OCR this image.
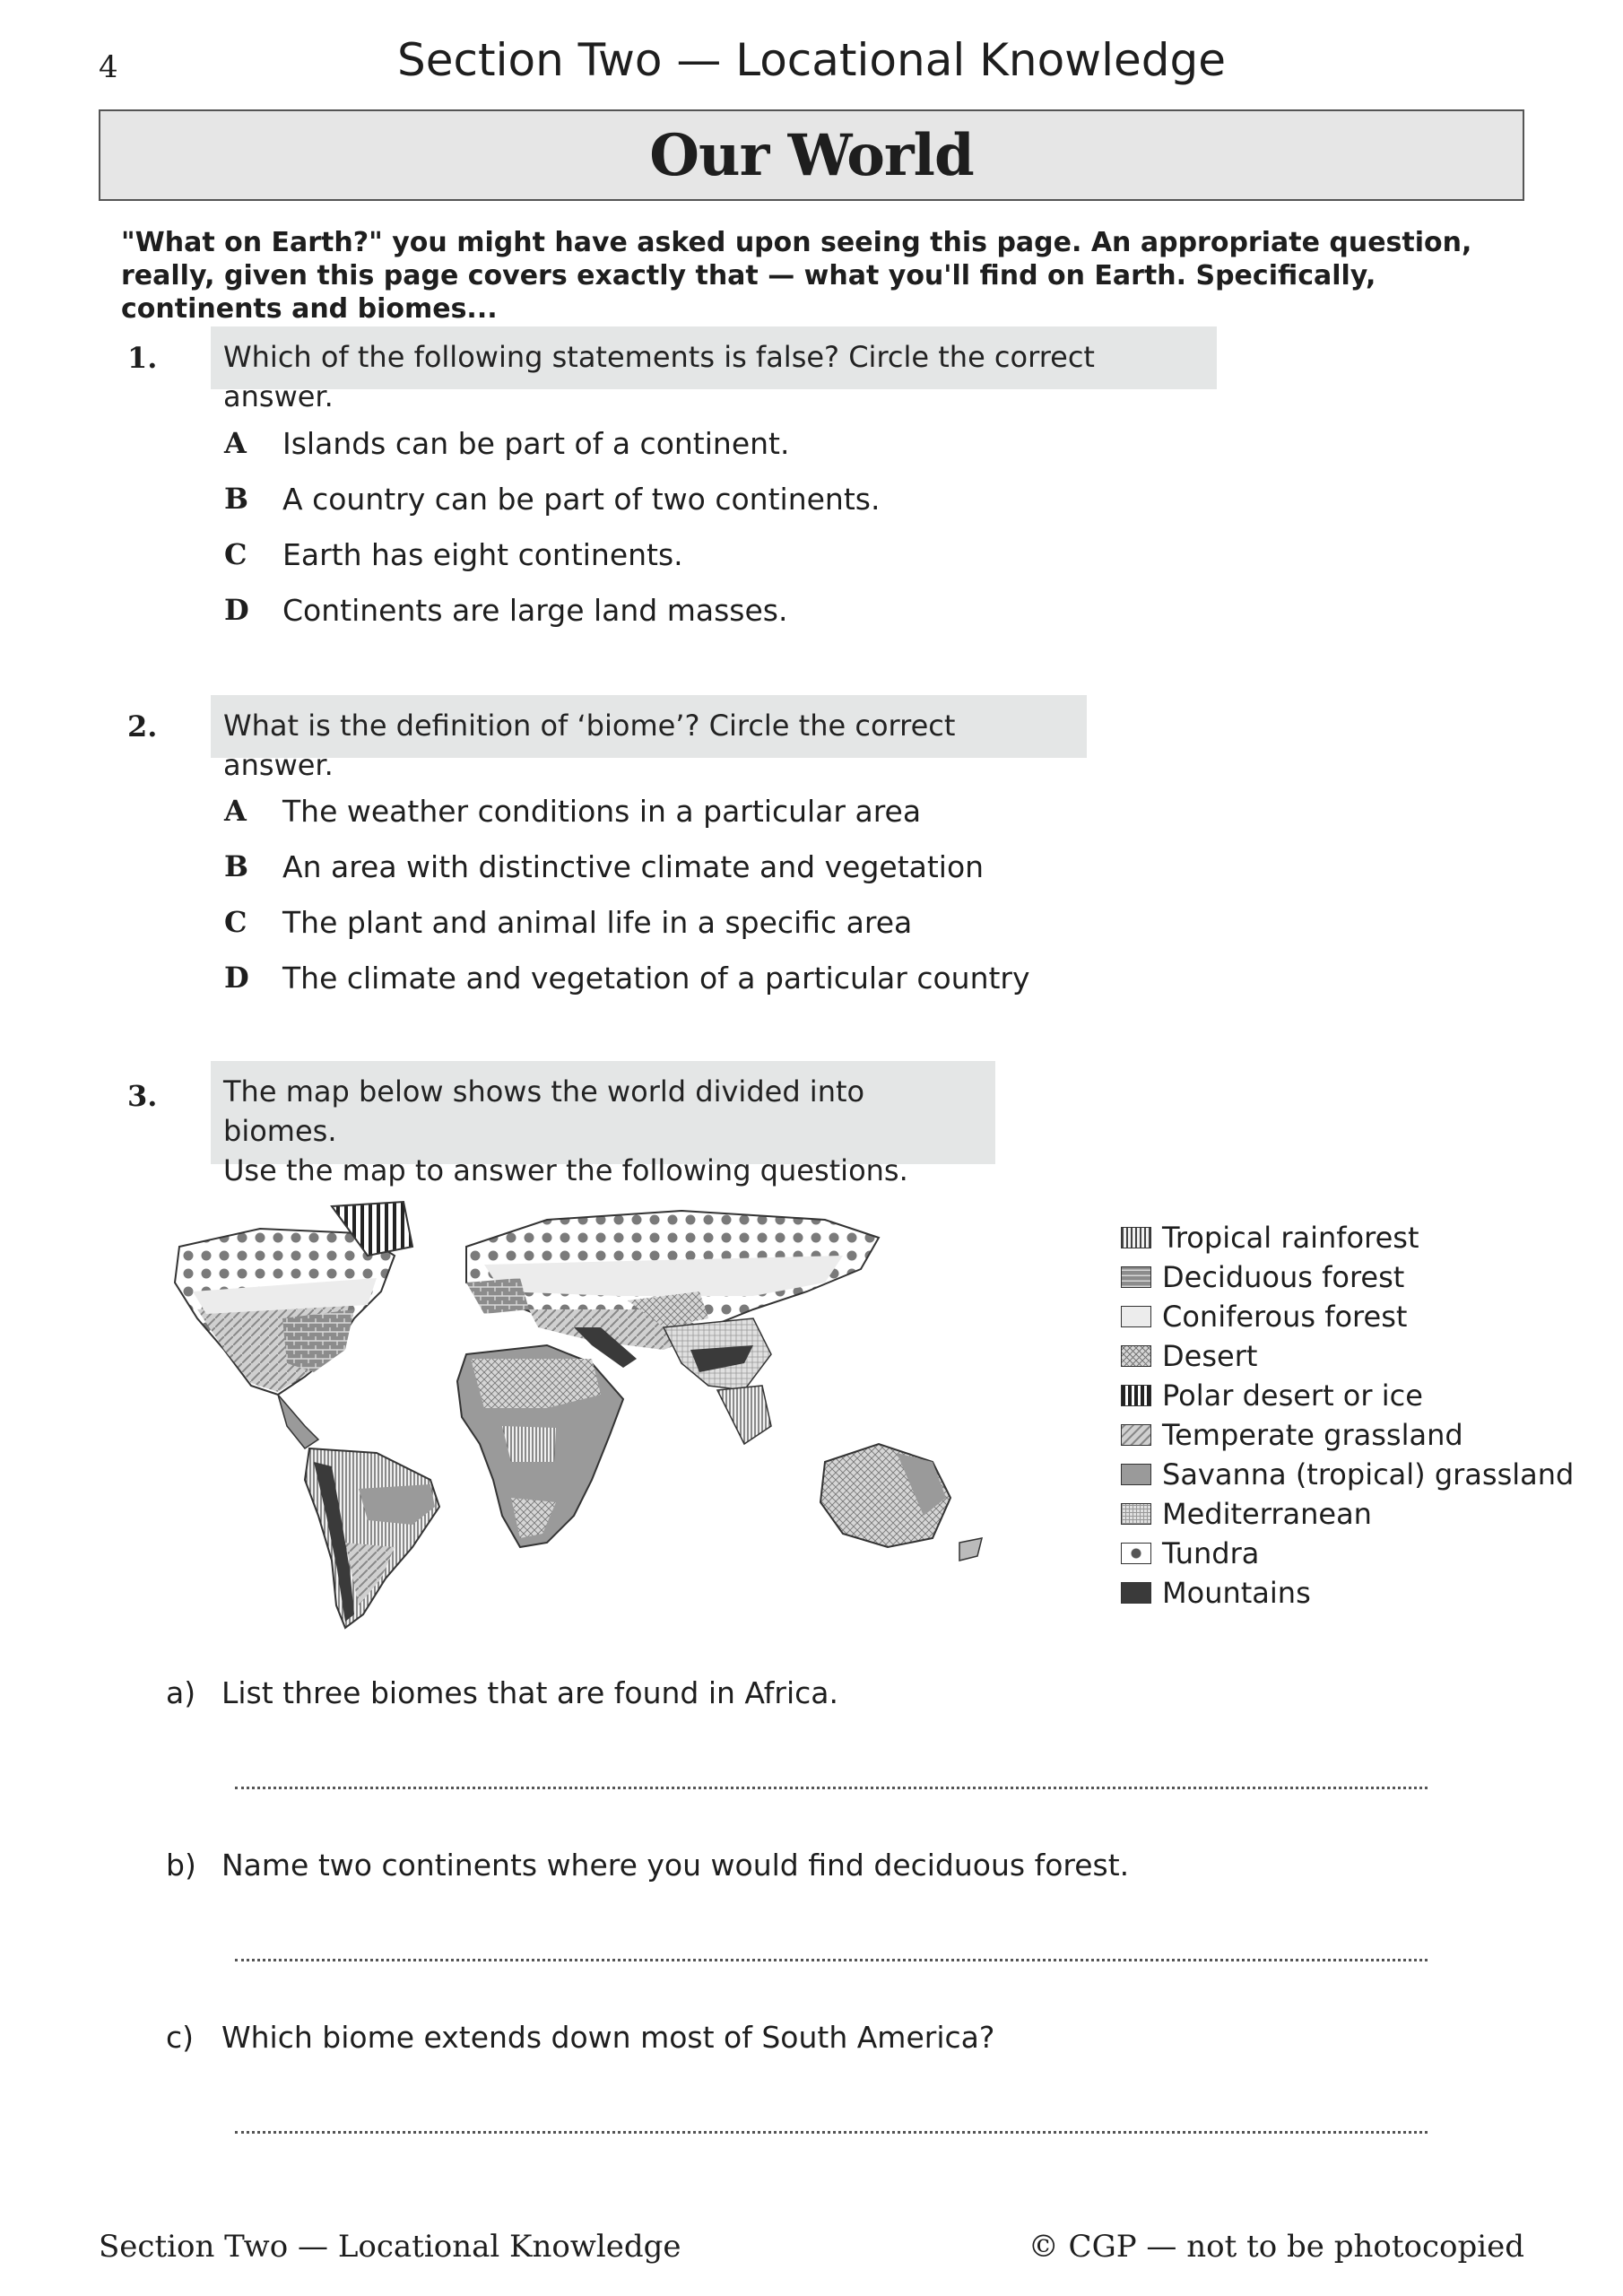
4	Section Two — Locational Knowledge
Our World
"What on Earth?" you might have asked upon seeing this page. An appropriate question, really, given this page covers exactly that — what you'll find on Earth. Specifically, continents and biomes...
1.	Which of the following statements is false? Circle the correct answer.
A Islands can be part of a continent.
B A country can be part of two continents.
C Earth has eight continents.
D Continents are large land masses.
2.	What is the definition of ‘biome’? Circle the correct answer.
A The weather conditions in a particular area
B An area with distinctive climate and vegetation
C The plant and animal life in a specific area
D The climate and vegetation of a particular country
3. The map below shows the world divided into biomes.
Use the map to answer the following questions.
Tropical rainforest
Deciduous forest
Coniferous forest
Desert
Polar desert or ice
Temperate grassland
Savanna (tropical) grassland
Mediterranean
Tundra
Mountains
a) List three biomes that are found in Africa.
b) Name two continents where you would find deciduous forest.
c) Which biome extends down most of South America?
Section Two — Locational Knowledge	© CGP — not to be photocopied
